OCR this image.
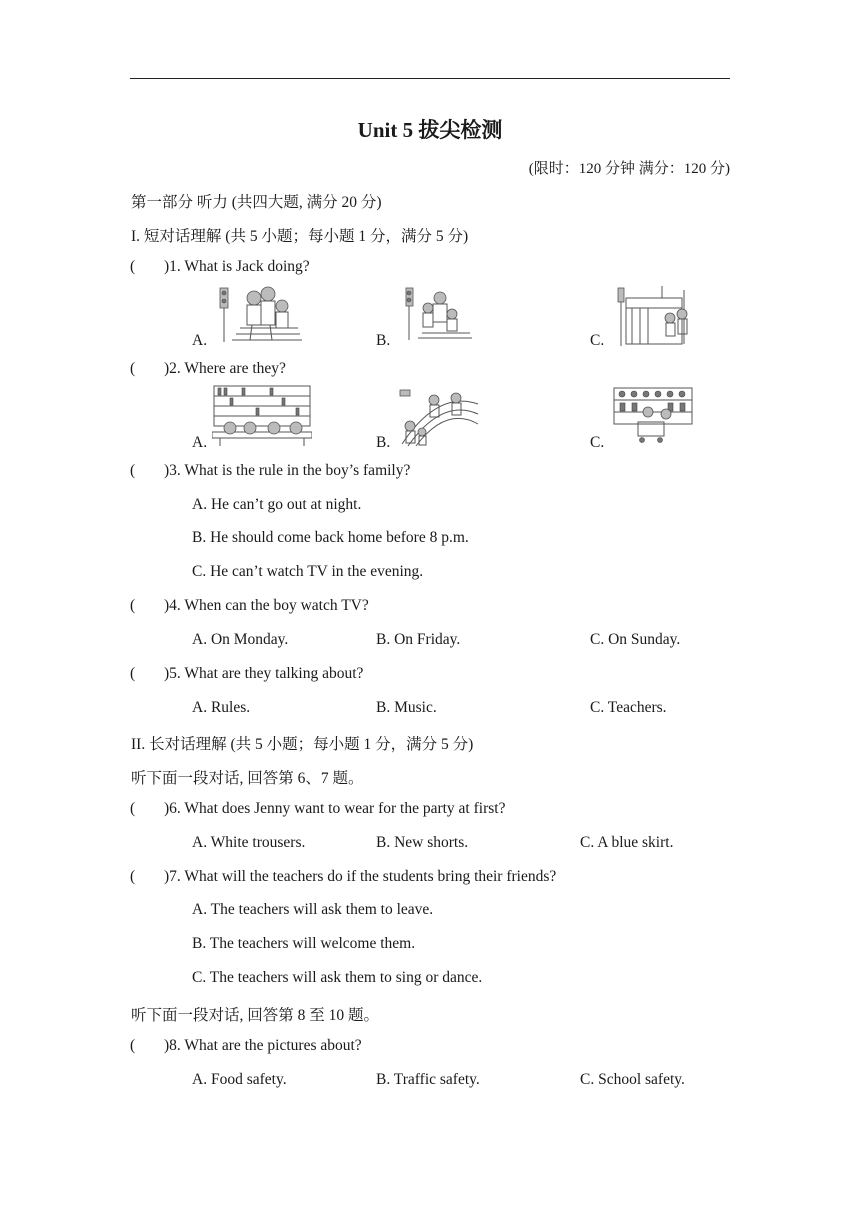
Unit 5 拔尖检测
(限时：120 分钟 满分：120 分)
第一部分 听力 (共四大题, 满分 20 分)
I. 短对话理解 (共 5 小题；每小题 1 分，满分 5 分)
( )1. What is Jack doing?
A.	B.	C.
( )2. Where are they?
A.	B.	C.
( )3. What is the rule in the boy’s family?
A. He can’t go out at night.
B. He should come back home before 8 p.m.
C. He can’t watch TV in the evening.
( )4. When can the boy watch TV?
A. On Monday.	B. On Friday.	C. On Sunday.
( )5. What are they talking about?
A. Rules.	B. Music.	C. Teachers.
II. 长对话理解 (共 5 小题；每小题 1 分，满分 5 分)
听下面一段对话, 回答第 6、7 题。
( )6. What does Jenny want to wear for the party at first?
A. White trousers.	B. New shorts.	C. A blue skirt.
( )7. What will the teachers do if the students bring their friends?
A. The teachers will ask them to leave.
B. The teachers will welcome them.
C. The teachers will ask them to sing or dance.
听下面一段对话, 回答第 8 至 10 题。
( )8. What are the pictures about?
A. Food safety.	B. Traffic safety.	C. School safety.
